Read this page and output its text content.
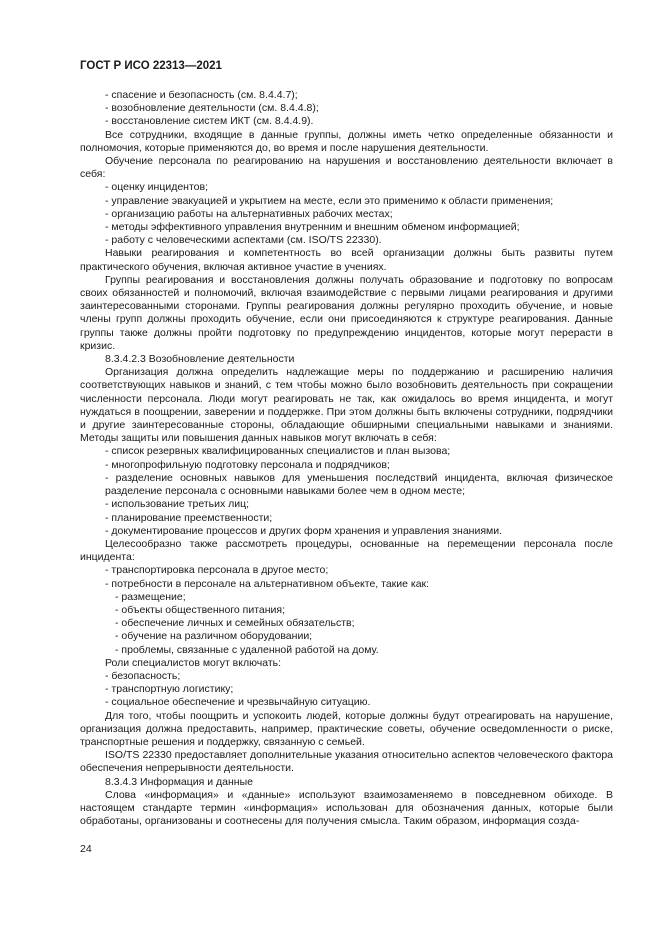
ГОСТ Р ИСО 22313—2021

- спасение и безопасность (см. 8.4.4.7);

- возобновление деятельности (см. 8.4.4.8);

- восстановление систем ИКТ (см. 8.4.4.9).

Все сотрудники, входящие в данные группы, должны иметь четко определенные обязанности и полномочия, которые применяются до, во время и после нарушения деятельности.

Обучение персонала по реагированию на нарушения и восстановлению деятельности включает в себя:

- оценку инцидентов;

- управление эвакуацией и укрытием на месте, если это применимо к области применения;

- организацию работы на альтернативных рабочих местах;

- методы эффективного управления внутренним и внешним обменом информацией;

- работу с человеческими аспектами (см. ISO/TS 22330).

Навыки реагирования и компетентность во всей организации должны быть развиты путем практического обучения, включая активное участие в учениях.

Группы реагирования и восстановления должны получать образование и подготовку по вопросам своих обязанностей и полномочий, включая взаимодействие с первыми лицами реагирования и другими заинтересованными сторонами. Группы реагирования должны регулярно проходить обучение, и новые члены групп должны проходить обучение, если они присоединяются к структуре реагирования. Данные группы также должны пройти подготовку по предупреждению инцидентов, которые могут перерасти в кризис.

8.3.4.2.3 Возобновление деятельности

Организация должна определить надлежащие меры по поддержанию и расширению наличия соответствующих навыков и знаний, с тем чтобы можно было возобновить деятельность при сокращении численности персонала. Люди могут реагировать не так, как ожидалось во время инцидента, и могут нуждаться в поощрении, заверении и поддержке. При этом должны быть включены сотрудники, подрядчики и другие заинтересованные стороны, обладающие обширными специальными навыками и знаниями. Методы защиты или повышения данных навыков могут включать в себя:

- список резервных квалифицированных специалистов и план вызова;

- многопрофильную подготовку персонала и подрядчиков;

- разделение основных навыков для уменьшения последствий инцидента, включая физическое разделение персонала с основными навыками более чем в одном месте;

- использование третьих лиц;

- планирование преемственности;

- документирование процессов и других форм хранения и управления знаниями.

Целесообразно также рассмотреть процедуры, основанные на перемещении персонала после инцидента:

- транспортировка персонала в другое место;

- потребности в персонале на альтернативном объекте, такие как:

- размещение;

- объекты общественного питания;

- обеспечение личных и семейных обязательств;

- обучение на различном оборудовании;

- проблемы, связанные с удаленной работой на дому.

Роли специалистов могут включать:

- безопасность;

- транспортную логистику;

- социальное обеспечение и чрезвычайную ситуацию.

Для того, чтобы поощрить и успокоить людей, которые должны будут отреагировать на нарушение, организация должна предоставить, например, практические советы, обучение осведомленности о риске, транспортные решения и поддержку, связанную с семьей.

ISO/TS 22330 предоставляет дополнительные указания относительно аспектов человеческого фактора обеспечения непрерывности деятельности.

8.3.4.3 Информация и данные

Слова «информация» и «данные» используют взаимозаменяемо в повседневном обиходе. В настоящем стандарте термин «информация» использован для обозначения данных, которые были обработаны, организованы и соотнесены для получения смысла. Таким образом, информация созда-

24
